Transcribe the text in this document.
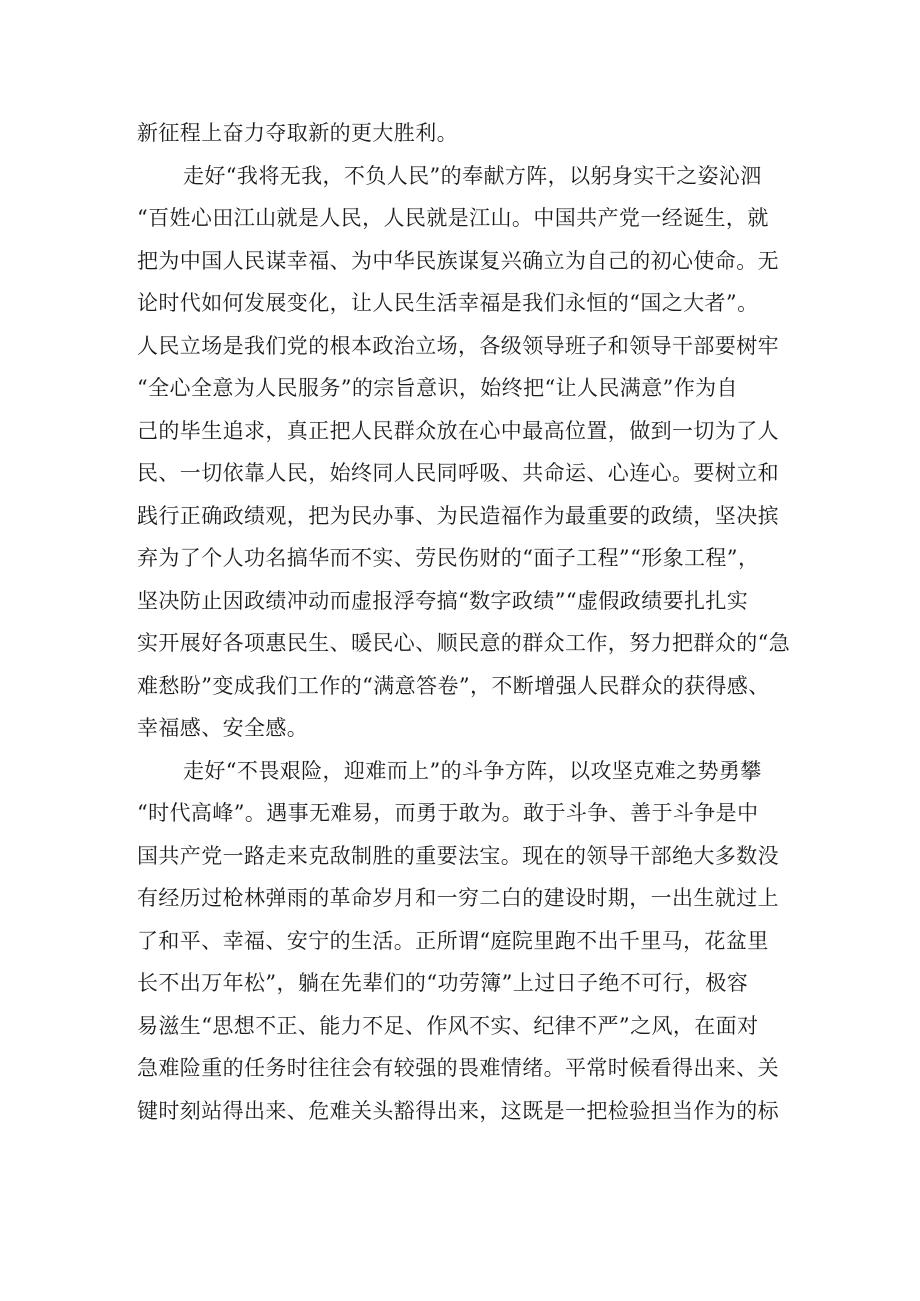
新征程上奋力夺取新的更大胜利。
走好“我将无我，不负人民”的奉献方阵，以躬身实干之姿沁泗
“百姓心田江山就是人民，人民就是江山。中国共产党一经诞生，就
把为中国人民谋幸福、为中华民族谋复兴确立为自己的初心使命。无
论时代如何发展变化，让人民生活幸福是我们永恒的“国之大者”。
人民立场是我们党的根本政治立场，各级领导班子和领导干部要树牢
“全心全意为人民服务”的宗旨意识，始终把“让人民满意”作为自
己的毕生追求，真正把人民群众放在心中最高位置，做到一切为了人
民、一切依靠人民，始终同人民同呼吸、共命运、心连心。要树立和
践行正确政绩观，把为民办事、为民造福作为最重要的政绩，坚决摈
弃为了个人功名搞华而不实、劳民伤财的“面子工程”“形象工程”，
坚决防止因政绩冲动而虚报浮夸搞“数字政绩”“虚假政绩要扎扎实
实开展好各项惠民生、暖民心、顺民意的群众工作，努力把群众的“急
难愁盼”变成我们工作的“满意答卷”，不断增强人民群众的获得感、
幸福感、安全感。
走好“不畏艰险，迎难而上”的斗争方阵，以攻坚克难之势勇攀
“时代高峰”。遇事无难易，而勇于敢为。敢于斗争、善于斗争是中
国共产党一路走来克敌制胜的重要法宝。现在的领导干部绝大多数没
有经历过枪林弹雨的革命岁月和一穷二白的建设时期，一出生就过上
了和平、幸福、安宁的生活。正所谓“庭院里跑不出千里马，花盆里
长不出万年松”，躺在先辈们的“功劳簿”上过日子绝不可行，极容
易滋生“思想不正、能力不足、作风不实、纪律不严”之风，在面对
急难险重的任务时往往会有较强的畏难情绪。平常时候看得出来、关
键时刻站得出来、危难关头豁得出来，这既是一把检验担当作为的标
